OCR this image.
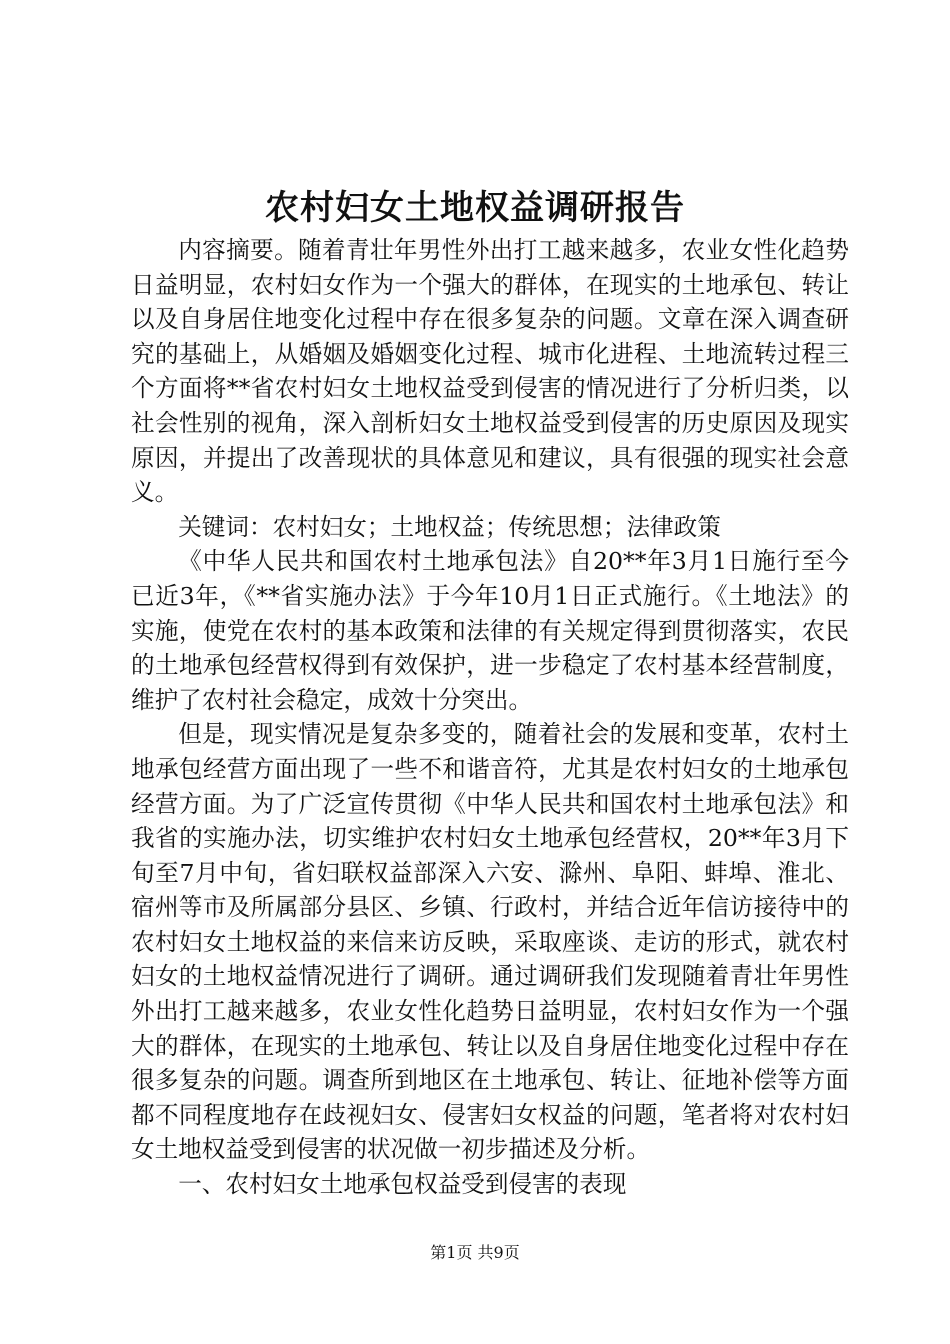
农村妇女土地权益调研报告

内容摘要。随着青壮年男性外出打工越来越多，农业女性化趋势日益明显，农村妇女作为一个强大的群体，在现实的土地承包、转让以及自身居住地变化过程中存在很多复杂的问题。文章在深入调查研究的基础上，从婚姻及婚姻变化过程、城市化进程、土地流转过程三个方面将**省农村妇女土地权益受到侵害的情况进行了分析归类，以社会性别的视角，深入剖析妇女土地权益受到侵害的历史原因及现实原因，并提出了改善现状的具体意见和建议，具有很强的现实社会意义。

关键词：农村妇女；土地权益；传统思想；法律政策

《中华人民共和国农村土地承包法》自20**年3月1日施行至今已近3年，《**省实施办法》于今年10月1日正式施行。《土地法》的实施，使党在农村的基本政策和法律的有关规定得到贯彻落实，农民的土地承包经营权得到有效保护，进一步稳定了农村基本经营制度，维护了农村社会稳定，成效十分突出。

但是，现实情况是复杂多变的，随着社会的发展和变革，农村土地承包经营方面出现了一些不和谐音符，尤其是农村妇女的土地承包经营方面。为了广泛宣传贯彻《中华人民共和国农村土地承包法》和我省的实施办法，切实维护农村妇女土地承包经营权，20**年3月下旬至7月中旬，省妇联权益部深入六安、滁州、阜阳、蚌埠、淮北、宿州等市及所属部分县区、乡镇、行政村，并结合近年信访接待中的农村妇女土地权益的来信来访反映，采取座谈、走访的形式，就农村妇女的土地权益情况进行了调研。通过调研我们发现随着青壮年男性外出打工越来越多，农业女性化趋势日益明显，农村妇女作为一个强大的群体，在现实的土地承包、转让以及自身居住地变化过程中存在很多复杂的问题。调查所到地区在土地承包、转让、征地补偿等方面都不同程度地存在歧视妇女、侵害妇女权益的问题，笔者将对农村妇女土地权益受到侵害的状况做一初步描述及分析。

一、农村妇女土地承包权益受到侵害的表现

第1页 共9页
